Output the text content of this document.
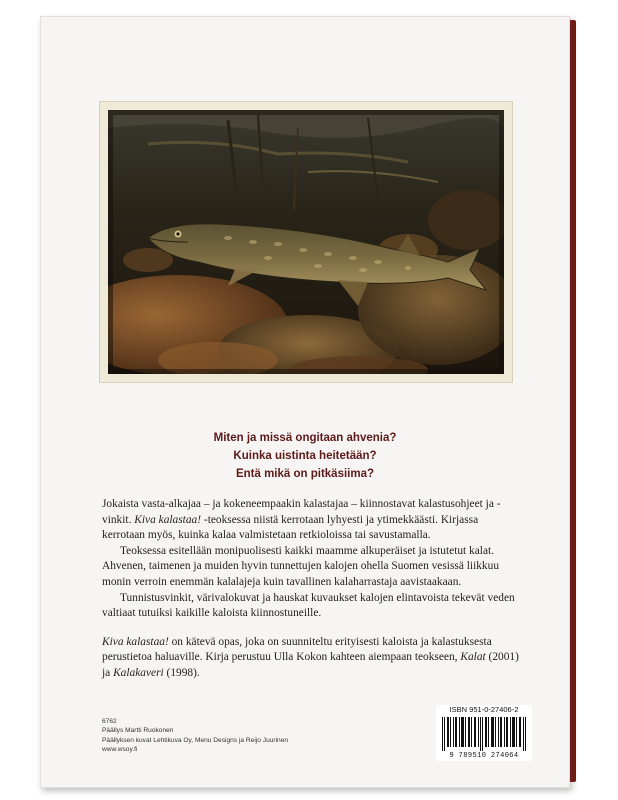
Miten ja missä ongitaan ahvenia?
Kuinka uistinta heitetään?
Entä mikä on pitkäsiima?

Jokaista vasta-alkajaa – ja kokeneempaakin kalastajaa – kiinnostavat kalastusohjeet ja -vinkit. Kiva kalastaa! -teoksessa niistä kerrotaan lyhyesti ja ytimekkäästi. Kirjassa kerrotaan myös, kuinka kalaa valmistetaan retkioloissa tai savustamalla.

Teoksessa esitellään monipuolisesti kaikki maamme alkuperäiset ja istutetut kalat. Ahvenen, taimenen ja muiden hyvin tunnettujen kalojen ohella Suomen vesissä liikkuu monin verroin enemmän kalalajeja kuin tavallinen kalaharrastaja aavistaakaan.

Tunnistusvinkit, värivalokuvat ja hauskat kuvaukset kalojen elintavoista tekevät veden valtiaat tutuiksi kaikille kaloista kiinnostuneille.

Kiva kalastaa! on kätevä opas, joka on suunniteltu erityisesti kaloista ja kalastuksesta perustietoa haluaville. Kirja perustuu Ulla Kokon kahteen aiempaan teokseen, Kalat (2001) ja Kalakaveri (1998).

6762
Päällys Martti Ruokonen
Päällyksen kuvat Lehtikuva Oy, Menu Designs ja Reijo Juurinen
www.wsoy.fi
ISBN 951-0-27406-2
9 789510 274064
